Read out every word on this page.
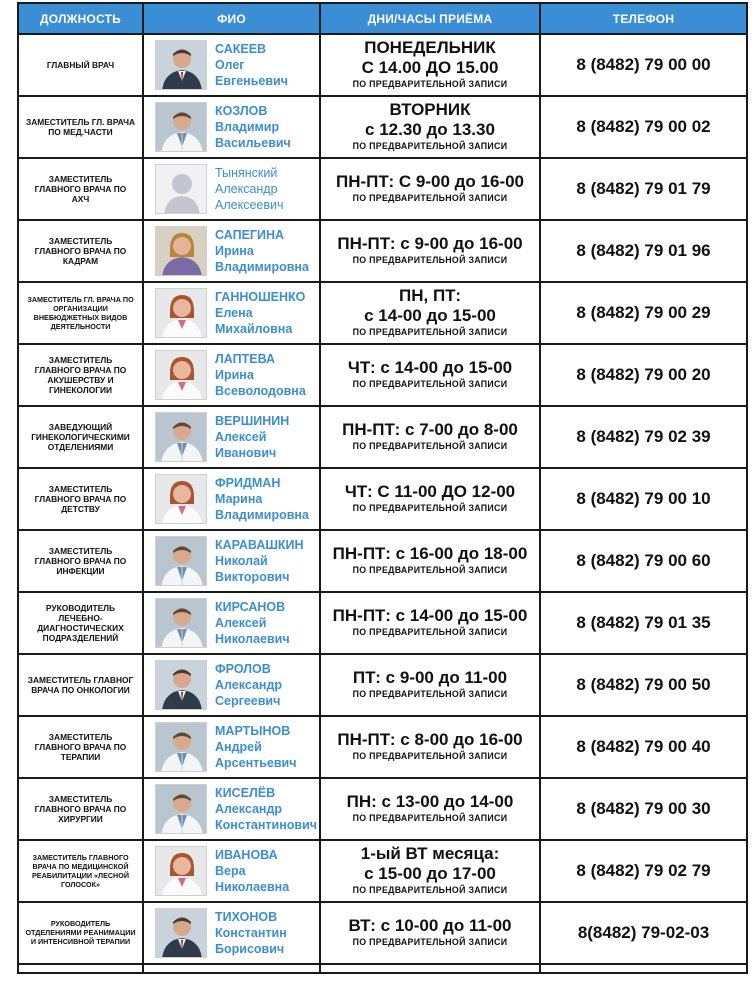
ДОЛЖНОСТЬ	ФИО	ДНИ/ЧАСЫ ПРИЁМА	ТЕЛЕФОН
ГЛАВНЫЙ ВРАЧ	САКЕЕВ
Олег
Евгеньевич	ПОНЕДЕЛЬНИК
С 14.00 ДО 15.00
ПО ПРЕДВАРИТЕЛЬНОЙ ЗАПИСИ	8 (8482) 79 00 00
ЗАМЕСТИТЕЛЬ ГЛ. ВРАЧА ПО МЕД.ЧАСТИ	КОЗЛОВ
Владимир
Васильевич	ВТОРНИК
с 12.30 до 13.30
ПО ПРЕДВАРИТЕЛЬНОЙ ЗАПИСИ	8 (8482) 79 00 02
ЗАМЕСТИТЕЛЬ ГЛАВНОГО ВРАЧА ПО АХЧ	Тынянский
Александр
Алексеевич	ПН-ПТ: С 9-00 до 16-00
ПО ПРЕДВАРИТЕЛЬНОЙ ЗАПИСИ	8 (8482) 79 01 79
ЗАМЕСТИТЕЛЬ ГЛАВНОГО ВРАЧА ПО КАДРАМ	САПЕГИНА
Ирина
Владимировна	ПН-ПТ: с 9-00 до 16-00
ПО ПРЕДВАРИТЕЛЬНОЙ ЗАПИСИ	8 (8482) 79 01 96
ЗАМЕСТИТЕЛЬ ГЛ. ВРАЧА ПО ОРГАНИЗАЦИИ ВНЕБЮДЖЕТНЫХ ВИДОВ ДЕЯТЕЛЬНОСТИ	ГАННОШЕНКО
Елена
Михайловна	ПН, ПТ:
с 14-00 до 15-00
ПО ПРЕДВАРИТЕЛЬНОЙ ЗАПИСИ	8 (8482) 79 00 29
ЗАМЕСТИТЕЛЬ ГЛАВНОГО ВРАЧА ПО АКУШЕРСТВУ И ГИНЕКОЛОГИИ	ЛАПТЕВА
Ирина
Всеволодовна	ЧТ: с 14-00 до 15-00
ПО ПРЕДВАРИТЕЛЬНОЙ ЗАПИСИ	8 (8482) 79 00 20
ЗАВЕДУЮЩИЙ ГИНЕКОЛОГИЧЕСКИМИ ОТДЕЛЕНИЯМИ	ВЕРШИНИН
Алексей
Иванович	ПН-ПТ: с 7-00 до 8-00
ПО ПРЕДВАРИТЕЛЬНОЙ ЗАПИСИ	8 (8482) 79 02 39
ЗАМЕСТИТЕЛЬ ГЛАВНОГО ВРАЧА ПО ДЕТСТВУ	ФРИДМАН
Марина
Владимировна	ЧТ: С 11-00 ДО 12-00
ПО ПРЕДВАРИТЕЛЬНОЙ ЗАПИСИ	8 (8482) 79 00 10
ЗАМЕСТИТЕЛЬ ГЛАВНОГО ВРАЧА ПО ИНФЕКЦИИ	КАРАВАШКИН
Николай
Викторович	ПН-ПТ: с 16-00 до 18-00
ПО ПРЕДВАРИТЕЛЬНОЙ ЗАПИСИ	8 (8482) 79 00 60
РУКОВОДИТЕЛЬ ЛЕЧЕБНО-ДИАГНОСТИЧЕСКИХ ПОДРАЗДЕЛЕНИЙ	КИРСАНОВ
Алексей
Николаевич	ПН-ПТ: с 14-00 до 15-00
ПО ПРЕДВАРИТЕЛЬНОЙ ЗАПИСИ	8 (8482) 79 01 35
ЗАМЕСТИТЕЛЬ ГЛАВНОГ ВРАЧА ПО ОНКОЛОГИИ	ФРОЛОВ
Александр
Сергеевич	ПТ: с 9-00 до 11-00
ПО ПРЕДВАРИТЕЛЬНОЙ ЗАПИСИ	8 (8482) 79 00 50
ЗАМЕСТИТЕЛЬ ГЛАВНОГО ВРАЧА ПО ТЕРАПИИ	МАРТЫНОВ
Андрей
Арсентьевич	ПН-ПТ: с 8-00 до 16-00
ПО ПРЕДВАРИТЕЛЬНОЙ ЗАПИСИ	8 (8482) 79 00 40
ЗАМЕСТИТЕЛЬ ГЛАВНОГО ВРАЧА ПО ХИРУРГИИ	КИСЕЛЁВ
Александр
Константинович	ПН: с 13-00 до 14-00
ПО ПРЕДВАРИТЕЛЬНОЙ ЗАПИСИ	8 (8482) 79 00 30
ЗАМЕСТИТЕЛЬ ГЛАВНОГО ВРАЧА ПО МЕДИЦИНСКОЙ РЕАБИЛИТАЦИИ «ЛЕСНОЙ ГОЛОСОК»	ИВАНОВА
Вера
Николаевна	1-ый ВТ месяца:
с 15-00 до 17-00
ПО ПРЕДВАРИТЕЛЬНОЙ ЗАПИСИ	8 (8482) 79 02 79
РУКОВОДИТЕЛЬ ОТДЕЛЕНИЯМИ РЕАНИМАЦИИ И ИНТЕНСИВНОЙ ТЕРАПИИ	ТИХОНОВ
Константин
Борисович	ВТ: с 10-00 до 11-00
ПО ПРЕДВАРИТЕЛЬНОЙ ЗАПИСИ	8(8482) 79-02-03
